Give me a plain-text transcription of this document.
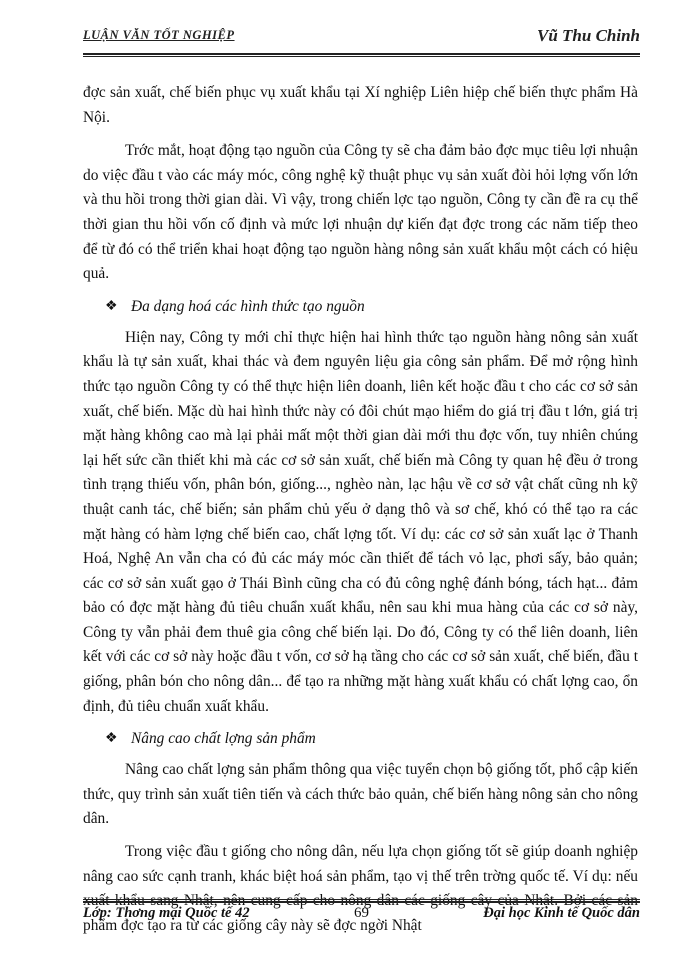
LUẬN VĂN TỐT NGHIỆP	Vũ Thu Chinh

đợc sản xuất, chế biến phục vụ xuất khẩu tại Xí nghiệp Liên hiệp chế biến thực phẩm Hà Nội.

Trớc mắt, hoạt động tạo nguồn của Công ty sẽ cha đảm bảo đợc mục tiêu lợi nhuận do việc đầu t vào các máy móc, công nghệ kỹ thuật phục vụ sản xuất đòi hỏi lợng vốn lớn và thu hồi trong thời gian dài. Vì vậy, trong chiến lợc tạo nguồn, Công ty cần đề ra cụ thể thời gian thu hồi vốn cố định và mức lợi nhuận dự kiến đạt đợc trong các năm tiếp theo để từ đó có thể triển khai hoạt động tạo nguồn hàng nông sản xuất khẩu một cách có hiệu quả.

❖ Đa dạng hoá các hình thức tạo nguồn

Hiện nay, Công ty mới chỉ thực hiện hai hình thức tạo nguồn hàng nông sản xuất khẩu là tự sản xuất, khai thác và đem nguyên liệu gia công sản phẩm. Để mở rộng hình thức tạo nguồn Công ty có thể thực hiện liên doanh, liên kết hoặc đầu t cho các cơ sở sản xuất, chế biến. Mặc dù hai hình thức này có đôi chút mạo hiểm do giá trị đầu t lớn, giá trị mặt hàng không cao mà lại phải mất một thời gian dài mới thu đợc vốn, tuy nhiên chúng lại hết sức cần thiết khi mà các cơ sở sản xuất, chế biến mà Công ty quan hệ đều ở trong tình trạng thiếu vốn, phân bón, giống..., nghèo nàn, lạc hậu về cơ sở vật chất cũng nh kỹ thuật canh tác, chế biến; sản phẩm chủ yếu ở dạng thô và sơ chế, khó có thể tạo ra các mặt hàng có hàm lợng chế biến cao, chất lợng tốt. Ví dụ: các cơ sở sản xuất lạc ở Thanh Hoá, Nghệ An vẫn cha có đủ các máy móc cần thiết để tách vỏ lạc, phơi sấy, bảo quản; các cơ sở sản xuất gạo ở Thái Bình cũng cha có đủ công nghệ đánh bóng, tách hạt... đảm bảo có đợc mặt hàng đủ tiêu chuẩn xuất khẩu, nên sau khi mua hàng của các cơ sở này, Công ty vẫn phải đem thuê gia công chế biến lại. Do đó, Công ty có thể liên doanh, liên kết với các cơ sở này hoặc đầu t vốn, cơ sở hạ tầng cho các cơ sở sản xuất, chế biến, đầu t giống, phân bón cho nông dân... để tạo ra những mặt hàng xuất khẩu có chất lợng cao, ổn định, đủ tiêu chuẩn xuất khẩu.

❖ Nâng cao chất lợng sản phẩm

Nâng cao chất lợng sản phẩm thông qua việc tuyển chọn bộ giống tốt, phổ cập kiến thức, quy trình sản xuất tiên tiến và cách thức bảo quản, chế biến hàng nông sản cho nông dân.

Trong việc đầu t giống cho nông dân, nếu lựa chọn giống tốt sẽ giúp doanh nghiệp nâng cao sức cạnh tranh, khác biệt hoá sản phẩm, tạo vị thế trên trờng quốc tế. Ví dụ: nếu xuất khẩu sang Nhật, nên cung cấp cho nông dân các giống cây của Nhật. Bởi các sản phẩm đợc tạo ra từ các giống cây này sẽ đợc ngời Nhật

Lớp: Thơng mại Quốc tế 42	69	Đại học Kinh tế Quốc dân
